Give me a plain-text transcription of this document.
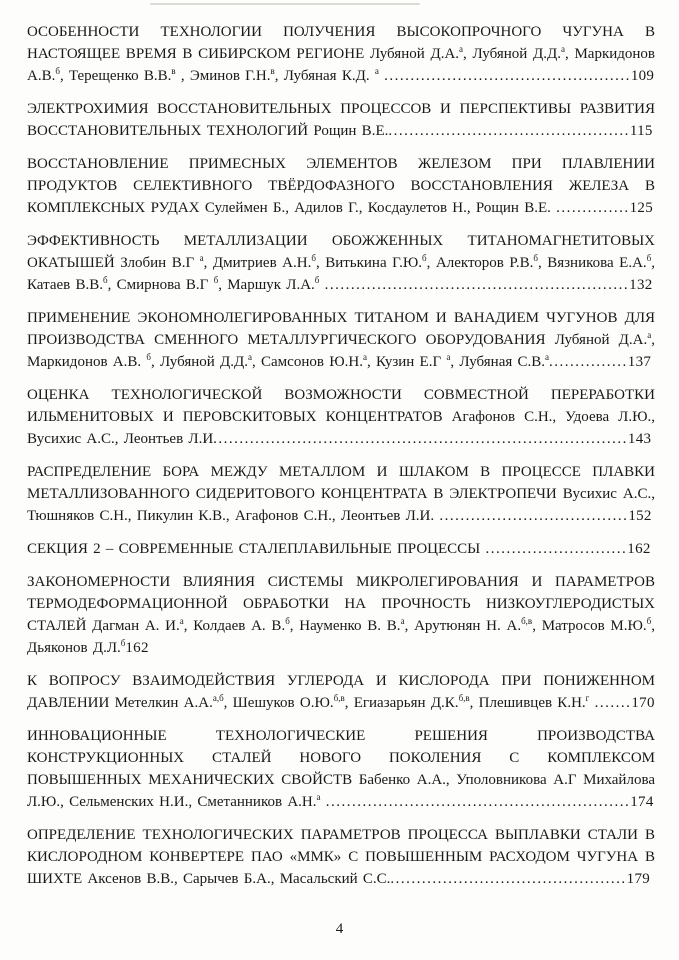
ОСОБЕННОСТИ ТЕХНОЛОГИИ ПОЛУЧЕНИЯ ВЫСОКОПРОЧНОГО ЧУГУНА В НАСТОЯЩЕЕ ВРЕМЯ В СИБИРСКОМ РЕГИОНЕ Лубяной Д.А.$^а$, Лубяной Д.Д.$^а$, Маркидонов А.В.$^б$, Терещенко В.В.$^в$ , Эминов Г.Н.$^в$, Лубяная К.Д. $^а$ ...............................................109

ЭЛЕКТРОХИМИЯ ВОССТАНОВИТЕЛЬНЫХ ПРОЦЕССОВ И ПЕРСПЕКТИВЫ РАЗВИТИЯ ВОССТАНОВИТЕЛЬНЫХ ТЕХНОЛОГИЙ Рощин В.Е...............................................115

ВОССТАНОВЛЕНИЕ ПРИМЕСНЫХ ЭЛЕМЕНТОВ ЖЕЛЕЗОМ ПРИ ПЛАВЛЕНИИ ПРОДУКТОВ СЕЛЕКТИВНОГО ТВЁРДОФАЗНОГО ВОССТАНОВЛЕНИЯ ЖЕЛЕЗА В КОМПЛЕКСНЫХ РУДАХ Сулеймен Б., Адилов Г., Косдаулетов Н., Рощин В.Е. ..............125

ЭФФЕКТИВНОСТЬ МЕТАЛЛИЗАЦИИ ОБОЖЖЕННЫХ ТИТАНОМАГНЕТИТОВЫХ ОКАТЫШЕЙ Злобин В.Г $^а$, Дмитриев А.Н.$^б$, Витькина Г.Ю.$^б$, Алекторов Р.В.$^б$, Вязникова Е.А.$^б$, Катаев В.В.$^б$, Смирнова В.Г $^б$, Маршук Л.А.$^б$ ..........................................................132

ПРИМЕНЕНИЕ ЭКОНОМНОЛЕГИРОВАННЫХ ТИТАНОМ И ВАНАДИЕМ ЧУГУНОВ ДЛЯ ПРОИЗВОДСТВА СМЕННОГО МЕТАЛЛУРГИЧЕСКОГО ОБОРУДОВАНИЯ Лубяной Д.А.$^а$, Маркидонов А.В. $^б$, Лубяной Д.Д.$^а$, Самсонов Ю.Н.$^а$, Кузин Е.Г $^а$, Лубяная С.В.$^а$...............137

ОЦЕНКА ТЕХНОЛОГИЧЕСКОЙ ВОЗМОЖНОСТИ СОВМЕСТНОЙ ПЕРЕРАБОТКИ ИЛЬМЕНИТОВЫХ И ПЕРОВСКИТОВЫХ КОНЦЕНТРАТОВ Агафонов С.Н., Удоева Л.Ю., Вусихис А.С., Леонтьев Л.И...............................................................................143

РАСПРЕДЕЛЕНИЕ БОРА МЕЖДУ МЕТАЛЛОМ И ШЛАКОМ В ПРОЦЕССЕ ПЛАВКИ МЕТАЛЛИЗОВАННОГО СИДЕРИТОВОГО КОНЦЕНТРАТА В ЭЛЕКТРОПЕЧИ Вусихис А.С., Тюшняков С.Н., Пикулин К.В., Агафонов С.Н., Леонтьев Л.И. ....................................152

СЕКЦИЯ 2 – СОВРЕМЕННЫЕ СТАЛЕПЛАВИЛЬНЫЕ ПРОЦЕССЫ ...........................162

ЗАКОНОМЕРНОСТИ ВЛИЯНИЯ СИСТЕМЫ МИКРОЛЕГИРОВАНИЯ И ПАРАМЕТРОВ ТЕРМОДЕФОРМАЦИОННОЙ ОБРАБОТКИ НА ПРОЧНОСТЬ НИЗКОУГЛЕРОДИСТЫХ СТАЛЕЙ Дагман А. И.$^а$, Колдаев А. В.$^б$, Науменко В. В.$^а$, Арутюнян Н. А.$^{б,в}$, Матросов М.Ю.$^б$, Дьяконов Д.Л.$^б$162

К ВОПРОСУ ВЗАИМОДЕЙСТВИЯ УГЛЕРОДА И КИСЛОРОДА ПРИ ПОНИЖЕННОМ ДАВЛЕНИИ Метелкин А.А.$^{а,б}$, Шешуков О.Ю.$^{б,в}$, Егиазарьян Д.К.$^{б,в}$, Плешивцев К.Н.$^г$ .......170

ИННОВАЦИОННЫЕ ТЕХНОЛОГИЧЕСКИЕ РЕШЕНИЯ ПРОИЗВОДСТВА КОНСТРУКЦИОННЫХ СТАЛЕЙ НОВОГО ПОКОЛЕНИЯ С КОМПЛЕКСОМ ПОВЫШЕННЫХ МЕХАНИЧЕСКИХ СВОЙСТВ Бабенко А.А., Уполовникова А.Г Михайлова Л.Ю., Сельменских Н.И., Сметанников А.Н.$^а$ ..........................................................174

ОПРЕДЕЛЕНИЕ ТЕХНОЛОГИЧЕСКИХ ПАРАМЕТРОВ ПРОЦЕССА ВЫПЛАВКИ СТАЛИ В КИСЛОРОДНОМ КОНВЕРТЕРЕ ПАО «ММК» С ПОВЫШЕННЫМ РАСХОДОМ ЧУГУНА В ШИХТЕ Аксенов В.В., Сарычев Б.А., Масальский С.С..............................................179

4
